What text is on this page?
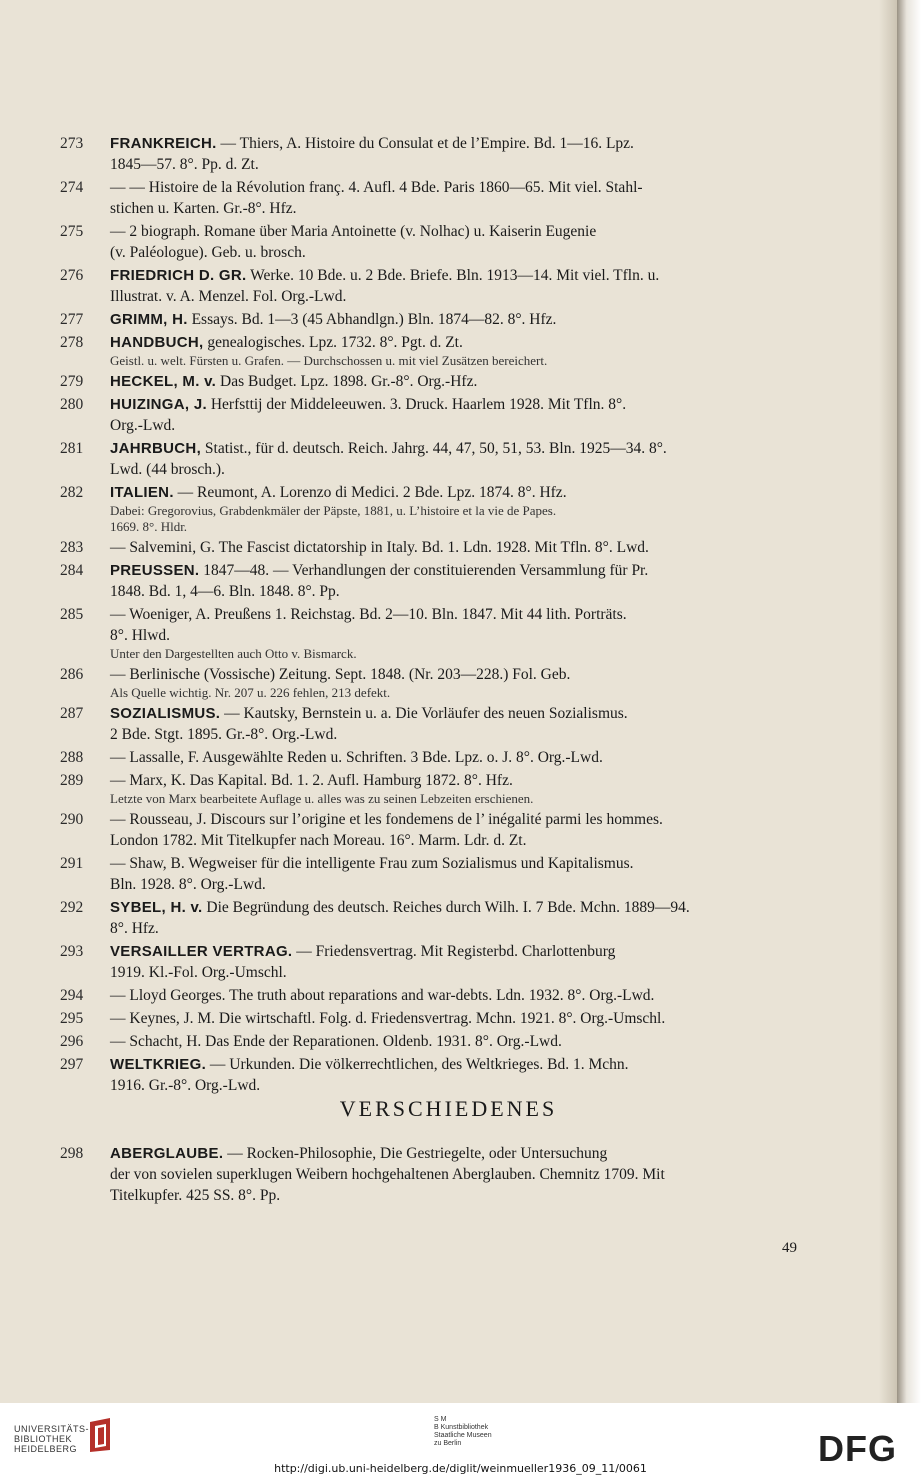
273	FRANKREICH. — Thiers, A. Histoire du Consulat et de l’Empire. Bd. 1—16. Lpz.
1845—57. 8°. Pp. d. Zt.
274	— — Histoire de la Révolution franç. 4. Aufl. 4 Bde. Paris 1860—65. Mit viel. Stahl-
stichen u. Karten. Gr.-8°. Hfz.
275	— 2 biograph. Romane über Maria Antoinette (v. Nolhac) u. Kaiserin Eugenie
(v. Paléologue). Geb. u. brosch.
276	FRIEDRICH D. GR. Werke. 10 Bde. u. 2 Bde. Briefe. Bln. 1913—14. Mit viel. Tfln. u.
Illustrat. v. A. Menzel. Fol. Org.-Lwd.
277	GRIMM, H. Essays. Bd. 1—3 (45 Abhandlgn.) Bln. 1874—82. 8°. Hfz.
278	HANDBUCH, genealogisches. Lpz. 1732. 8°. Pgt. d. Zt.
Geistl. u. welt. Fürsten u. Grafen. — Durchschossen u. mit viel Zusätzen bereichert.
279	HECKEL, M. v. Das Budget. Lpz. 1898. Gr.-8°. Org.-Hfz.
280	HUIZINGA, J. Herfsttij der Middeleeuwen. 3. Druck. Haarlem 1928. Mit Tfln. 8°.
Org.-Lwd.
281	JAHRBUCH, Statist., für d. deutsch. Reich. Jahrg. 44, 47, 50, 51, 53. Bln. 1925—34. 8°.
Lwd. (44 brosch.).
282	ITALIEN. — Reumont, A. Lorenzo di Medici. 2 Bde. Lpz. 1874. 8°. Hfz.
Dabei: Gregorovius, Grabdenkmäler der Päpste, 1881, u. L’histoire et la vie de Papes.
1669. 8°. Hldr.
283	— Salvemini, G. The Fascist dictatorship in Italy. Bd. 1. Ldn. 1928. Mit Tfln. 8°. Lwd.
284	PREUSSEN. 1847—48. — Verhandlungen der constituierenden Versammlung für Pr.
1848. Bd. 1, 4—6. Bln. 1848. 8°. Pp.
285	— Woeniger, A. Preußens 1. Reichstag. Bd. 2—10. Bln. 1847. Mit 44 lith. Porträts.
8°. Hlwd.
Unter den Dargestellten auch Otto v. Bismarck.
286	— Berlinische (Vossische) Zeitung. Sept. 1848. (Nr. 203—228.) Fol. Geb.
Als Quelle wichtig. Nr. 207 u. 226 fehlen, 213 defekt.
287	SOZIALISMUS. — Kautsky, Bernstein u. a. Die Vorläufer des neuen Sozialismus.
2 Bde. Stgt. 1895. Gr.-8°. Org.-Lwd.
288	— Lassalle, F. Ausgewählte Reden u. Schriften. 3 Bde. Lpz. o. J. 8°. Org.-Lwd.
289	— Marx, K. Das Kapital. Bd. 1. 2. Aufl. Hamburg 1872. 8°. Hfz.
Letzte von Marx bearbeitete Auflage u. alles was zu seinen Lebzeiten erschienen.
290	— Rousseau, J. Discours sur l’origine et les fondemens de l’ inégalité parmi les hommes.
London 1782. Mit Titelkupfer nach Moreau. 16°. Marm. Ldr. d. Zt.
291	— Shaw, B. Wegweiser für die intelligente Frau zum Sozialismus und Kapitalismus.
Bln. 1928. 8°. Org.-Lwd.
292	SYBEL, H. v. Die Begründung des deutsch. Reiches durch Wilh. I. 7 Bde. Mchn. 1889—94.
8°. Hfz.
293	VERSAILLER VERTRAG. — Friedensvertrag. Mit Registerbd. Charlottenburg
1919. Kl.-Fol. Org.-Umschl.
294	— Lloyd Georges. The truth about reparations and war-debts. Ldn. 1932. 8°. Org.-Lwd.
295	— Keynes, J. M. Die wirtschaftl. Folg. d. Friedensvertrag. Mchn. 1921. 8°. Org.-Umschl.
296	— Schacht, H. Das Ende der Reparationen. Oldenb. 1931. 8°. Org.-Lwd.
297	WELTKRIEG. — Urkunden. Die völkerrechtlichen, des Weltkrieges. Bd. 1. Mchn.
1916. Gr.-8°. Org.-Lwd.
VERSCHIEDENES
298	ABERGLAUBE. — Rocken-Philosophie, Die Gestriegelte, oder Untersuchung
der von sovielen superklugen Weibern hochgehaltenen Aberglauben. Chemnitz 1709. Mit
Titelkupfer. 425 SS. 8°. Pp.
49
UNIVERSITÄTS-
BIBLIOTHEK
HEIDELBERG
S M
B Kunstbibliothek
Staatliche Museen
zu Berlin	DFG
http://digi.ub.uni-heidelberg.de/diglit/weinmueller1936_09_11/0061
